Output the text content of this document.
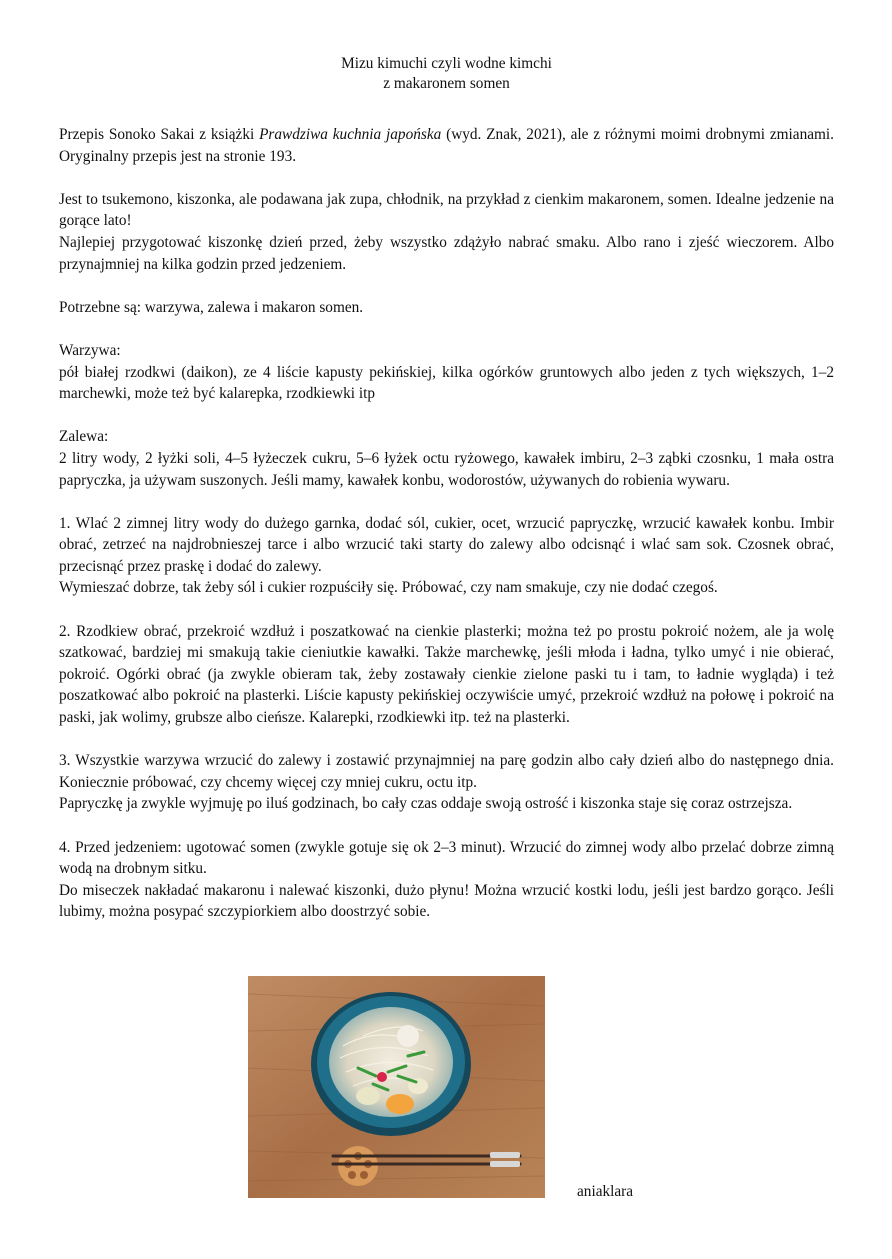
Mizu kimuchi czyli wodne kimchi
z makaronem somen

Przepis Sonoko Sakai z książki Prawdziwa kuchnia japońska (wyd. Znak, 2021), ale z różnymi moimi drobnymi zmianami. Oryginalny przepis jest na stronie 193.

Jest to tsukemono, kiszonka, ale podawana jak zupa, chłodnik, na przykład z cienkim makaronem, somen. Idealne jedzenie na gorące lato!
Najlepiej przygotować kiszonkę dzień przed, żeby wszystko zdążyło nabrać smaku. Albo rano i zjeść wieczorem. Albo przynajmniej na kilka godzin przed jedzeniem.

Potrzebne są: warzywa, zalewa i makaron somen.

Warzywa:
pół białej rzodkwi (daikon), ze 4 liście kapusty pekińskiej, kilka ogórków gruntowych albo jeden z tych większych, 1–2 marchewki, może też być kalarepka, rzodkiewki itp

Zalewa:
2 litry wody, 2 łyżki soli, 4–5 łyżeczek cukru, 5–6 łyżek octu ryżowego, kawałek imbiru, 2–3 ząbki czosnku, 1 mała ostra papryczka, ja używam suszonych. Jeśli mamy, kawałek konbu, wodorostów, używanych do robienia wywaru.

1. Wlać 2 zimnej litry wody do dużego garnka, dodać sól, cukier, ocet, wrzucić papryczkę, wrzucić kawałek konbu. Imbir obrać, zetrzeć na najdrobnieszej tarce i albo wrzucić taki starty do zalewy albo odcisnąć i wlać sam sok. Czosnek obrać, przecisnąć przez praskę i dodać do zalewy.
Wymieszać dobrze, tak żeby sól i cukier rozpuściły się. Próbować, czy nam smakuje, czy nie dodać czegoś.

2. Rzodkiew obrać, przekroić wzdłuż i poszatkować na cienkie plasterki; można też po prostu pokroić nożem, ale ja wolę szatkować, bardziej mi smakują takie cieniutkie kawałki. Także marchewkę, jeśli młoda i ładna, tylko umyć i nie obierać, pokroić. Ogórki obrać (ja zwykle obieram tak, żeby zostawały cienkie zielone paski tu i tam, to ładnie wygląda) i też poszatkować albo pokroić na plasterki. Liście kapusty pekińskiej oczywiście umyć, przekroić wzdłuż na połowę i pokroić na paski, jak wolimy, grubsze albo cieńsze. Kalarepki, rzodkiewki itp. też na plasterki.

3. Wszystkie warzywa wrzucić do zalewy i zostawić przynajmniej na parę godzin albo cały dzień albo do następnego dnia. Koniecznie próbować, czy chcemy więcej czy mniej cukru, octu itp.
Papryczkę ja zwykle wyjmuję po iluś godzinach, bo cały czas oddaje swoją ostrość i kiszonka staje się coraz ostrzejsza.

4. Przed jedzeniem: ugotować somen (zwykle gotuje się ok 2–3 minut). Wrzucić do zimnej wody albo przelać dobrze zimną wodą na drobnym sitku.
Do miseczek nakładać makaronu i nalewać kiszonki, dużo płynu! Można wrzucić kostki lodu, jeśli jest bardzo gorąco. Jeśli lubimy, można posypać szczypiorkiem albo doostrzyć sobie.

aniaklara
